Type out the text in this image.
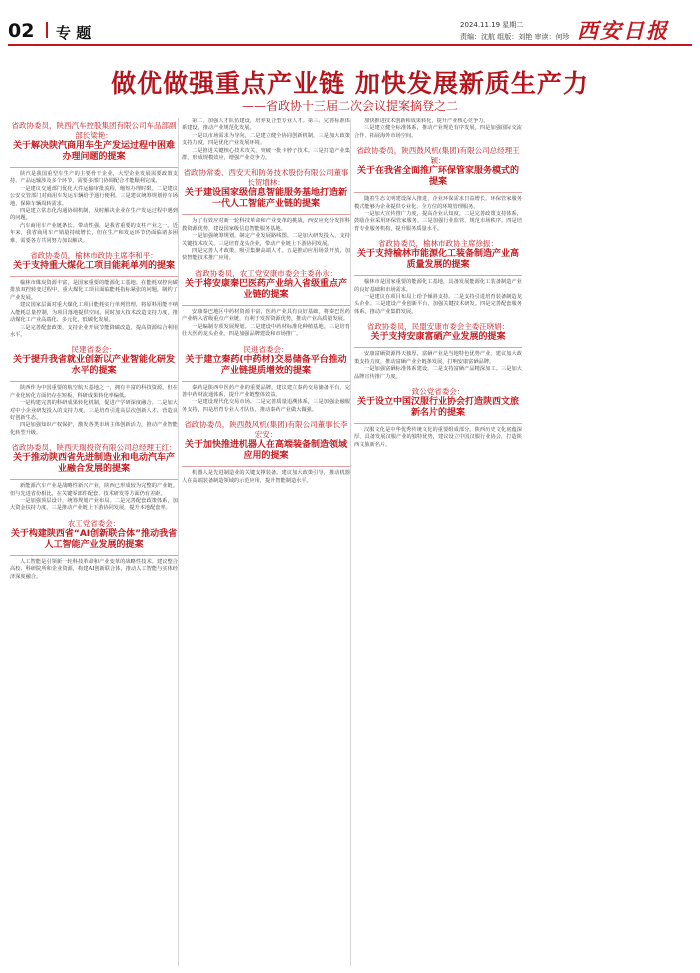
02 专 题	2024.11.19 星期二
责编：沈航 组版：刘艳 审读：何珍 西安日报
做优做强重点产业链 加快发展新质生产力
——省政协十三届二次会议提案摘登之二
省政协委员，陕西汽车控股集团有限公司车品部副部长梁艳：
关于解决陕汽商用车生产发运过程中困难办理问题的提案

陕汽是我国重型车生产的主要骨干企业，大型企业发展需要政策支持。产品运输涉及多个环节，需要多部门协调配合才能顺利完成。

一是建议交通部门优化大件运输审批流程，缩短办理时限。二是建议公安交管部门对商用车发运车辆给予通行便利。三是建议统筹规划停车场地，保障车辆周转需求。

四是建立常态化沟通协调机制，及时解决企业在生产发运过程中遇到的问题。

汽车商用车产业链条长、带动性强，是我省重要的支柱产业之一。近年来，我省商用车产销量持续增长，但在生产和发运环节仍面临诸多困难，需要各方共同努力加以解决。

省政协委员，榆林市政协主席李和平：
关于支持重大煤化工项目能耗单列的提案

榆林市煤炭资源丰富，是国家重要的能源化工基地。在能耗双控向碳排放双控转变过程中，重大煤化工项目面临能耗指标紧张的问题，制约了产业发展。

建议国家层面对重大煤化工项目能耗实行单列管理，将原料用能不纳入能耗总量控制，为项目落地提供空间。同时加大技术改造支持力度，推动煤化工产业高端化、多元化、低碳化发展。

三是完善配套政策，支持企业开展节能降碳改造，提高资源综合利用水平。

民建省委会：
关于提升我省就业创新以产业智能化研发水平的提案

陕西作为中国重要的航空航天基地之一，拥有丰富的科技资源。但在产业化转化方面仍存在短板，科研成果转化率偏低。

一是构建完善的科研成果转化机制，促进产学研深度融合。二是加大对中小企业研发投入的支持力度。三是培育引进高层次创新人才，营造良好创新生态。

四是加强知识产权保护，激发各类市场主体创新活力，推动产业智能化转型升级。

省政协委员，陕西天瑞投资有限公司总经理王红：
关于推动陕西省先进制造业和电动汽车产业融合发展的提案

新能源汽车产业是战略性新兴产业，陕西已形成较为完整的产业链。但与先进省份相比，在关键零部件配套、技术研发等方面仍有差距。

一是加强顶层设计，统筹规划产业布局。二是完善配套政策体系，加大资金扶持力度。三是推动产业链上下游协同发展，提升本地配套率。

农工党省委会：
关于构建陕西省“AI创新联合体”推动我省人工智能产业发展的提案

人工智能是引领新一轮科技革命和产业变革的战略性技术。建议整合高校、科研院所和企业资源，构建AI创新联合体，推动人工智能与实体经济深度融合。

第二，加强人才队伍建设，培养复合型专业人才。第三，完善标准体系建设，推动产业规范化发展。

一是以市场需求为导向，二是建立健全协同创新机制，三是加大政策支持力度，四是优化产业发展环境。

二是推进关键核心技术攻关，突破一批卡脖子技术。三是打造产业集群，形成规模效应，增强产业竞争力。

省政协常委、西安天和防务技术股份有限公司董事长贺增林：
关于建设国家级信息智能服务基地打造新一代人工智能产业链的提案

为了有效应对新一轮科技革命和产业变革的挑战，西安应充分发挥科教资源优势，建设国家级信息智能服务基地。

一是加强统筹规划，制定产业发展路线图。二是加大研发投入，支持关键技术攻关。三是培育龙头企业，带动产业链上下游协同发展。

四是完善人才政策，吸引集聚高端人才。五是推动应用场景开放，加快智能技术推广应用。

省政协委员，农工党安康市委会主委孙永：
关于将安康秦巴医药产业纳入省级重点产业链的提案

安康秦巴地区中药材资源丰富，医药产业具有良好基础。将秦巴医药产业纳入省级重点产业链，有利于发挥资源优势，推动产业高质量发展。

一是编制专项发展规划。二是建设中药材标准化种植基地。三是培育壮大医药龙头企业。四是加强品牌建设和市场推广。

民进省委会：
关于建立秦药(中药材)交易储备平台推动产业链提质增效的提案

秦药是陕西中医药产业的重要品牌。建议建立秦药交易储备平台，完善中药材流通体系，提升产业链整体效益。

一是建设现代化交易市场，二是完善质量追溯体系，三是加强金融服务支持，四是培育专业人才队伍，推动秦药产业做大做强。

省政协委员，陕西鼓风机(集团)有限公司董事长李宏安：
关于加快推进机器人在高端装备制造领域应用的提案

机器人是先进制造业的关键支撑装备。建议加大政策引导，推动机器人在高端装备制造领域的示范应用，提升智能制造水平。

加快推进技术创新和成果转化，提升产业核心竞争力。

三是建立健全标准体系，推动产业规范有序发展。四是加强国际交流合作，拓展海外市场空间。

省政协委员，陕西鼓风机(集团)有限公司总经理王颖：
关于在我省全面推广环保管家服务模式的提案

随着生态文明建设深入推进，企业环保需求日益增长。环保管家服务模式能够为企业提供专业化、全方位的环境管理服务。

一是加大宣传推广力度，提高企业认知度。二是完善政策支持体系，鼓励企业采用环保管家服务。三是加强行业监管，规范市场秩序。四是培育专业服务机构，提升服务质量水平。

省政协委员，榆林市政协主席徐振：
关于支持榆林市能源化工装备制造产业高质量发展的提案

榆林市是国家重要的能源化工基地，具备发展能源化工装备制造产业的良好基础和市场需求。

一是建议在项目布局上给予倾斜支持。二是支持引进培育装备制造龙头企业。三是建设产业创新平台，加强关键技术研发。四是完善配套服务体系，推动产业集群发展。

省政协委员，民盟安康市委会主委汪晓娟：
关于支持安康富硒产业发展的提案

安康富硒资源得天独厚，富硒产业是当地特色优势产业。建议加大政策支持力度，推动富硒产业全链条发展，打响安康富硒品牌。

一是加强富硒标准体系建设。二是支持富硒产品精深加工。三是加大品牌宣传推广力度。

致公党省委会：
关于设立中国汉服行业协会打造陕西文旅新名片的提案

汉服文化是中华优秀传统文化的重要组成部分。陕西历史文化底蕴深厚，具备发展汉服产业的独特优势，建议设立中国汉服行业协会，打造陕西文旅新名片。
